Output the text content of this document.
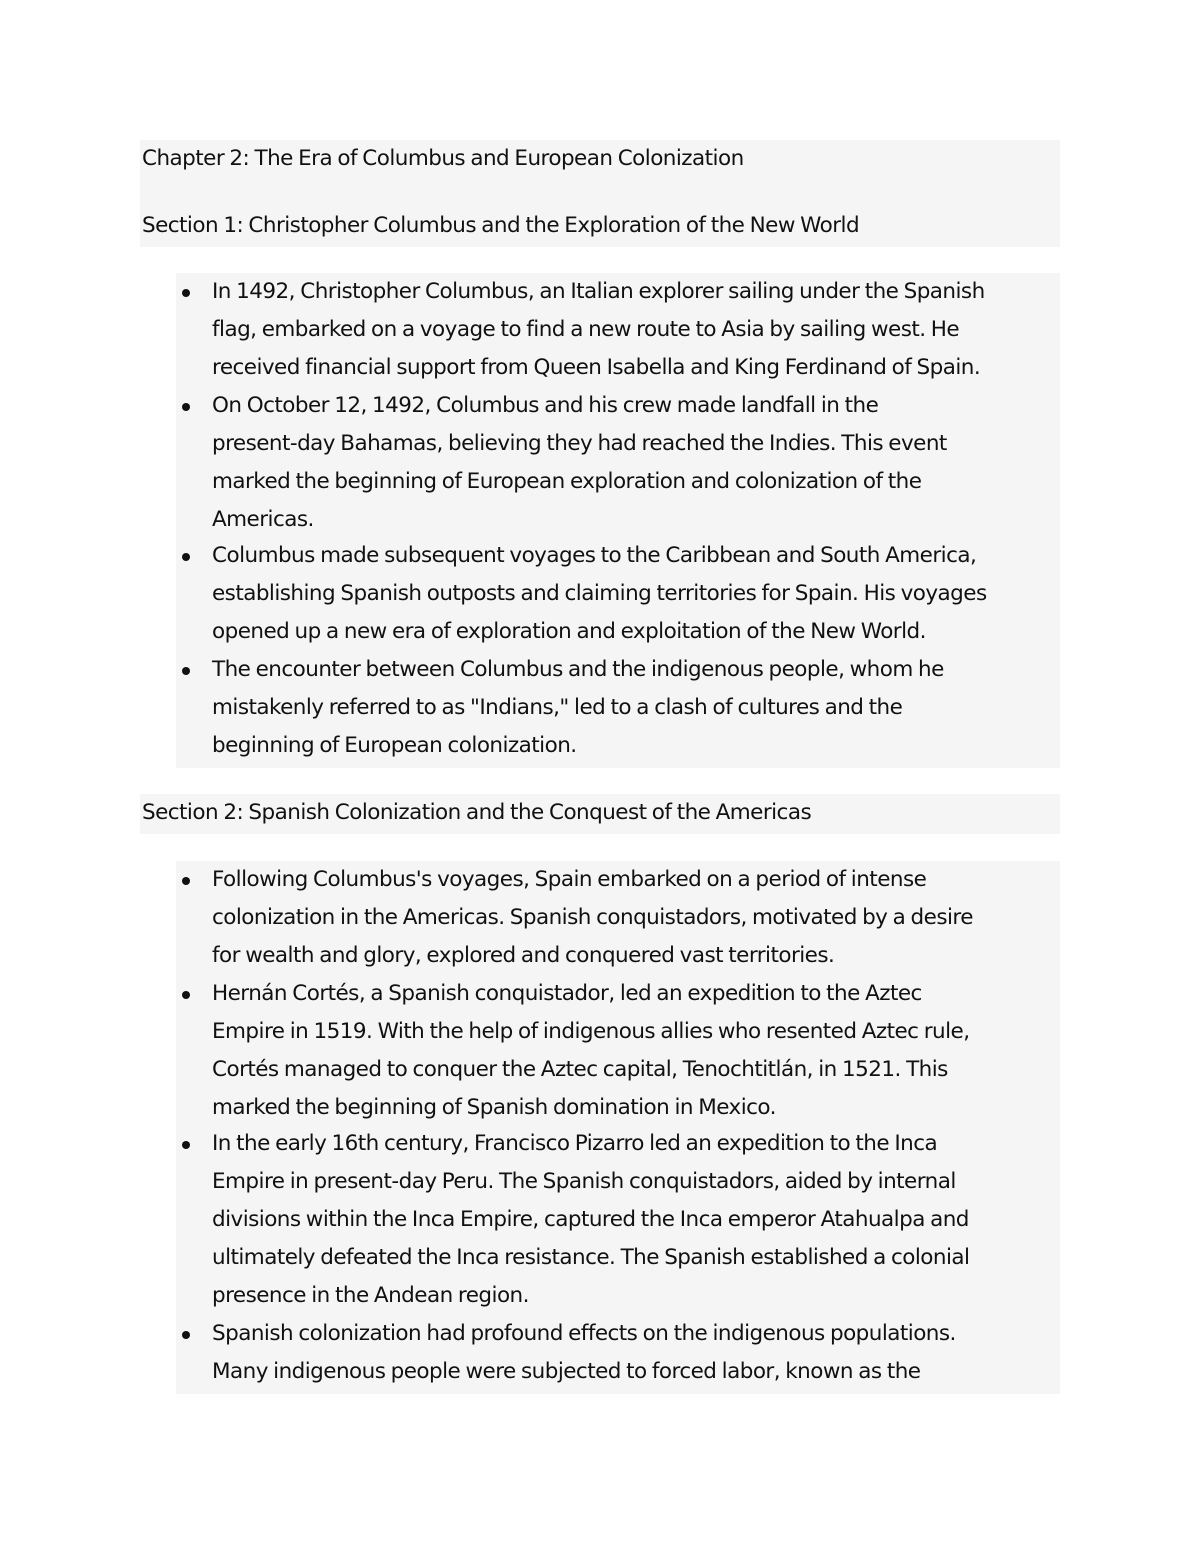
Chapter 2: The Era of Columbus and European Colonization
Section 1: Christopher Columbus and the Exploration of the New World
In 1492, Christopher Columbus, an Italian explorer sailing under the Spanish
flag, embarked on a voyage to find a new route to Asia by sailing west. He
received financial support from Queen Isabella and King Ferdinand of Spain.
On October 12, 1492, Columbus and his crew made landfall in the
present-day Bahamas, believing they had reached the Indies. This event
marked the beginning of European exploration and colonization of the
Americas.
Columbus made subsequent voyages to the Caribbean and South America,
establishing Spanish outposts and claiming territories for Spain. His voyages
opened up a new era of exploration and exploitation of the New World.
The encounter between Columbus and the indigenous people, whom he
mistakenly referred to as "Indians," led to a clash of cultures and the
beginning of European colonization.
Section 2: Spanish Colonization and the Conquest of the Americas
Following Columbus's voyages, Spain embarked on a period of intense
colonization in the Americas. Spanish conquistadors, motivated by a desire
for wealth and glory, explored and conquered vast territories.
Hernán Cortés, a Spanish conquistador, led an expedition to the Aztec
Empire in 1519. With the help of indigenous allies who resented Aztec rule,
Cortés managed to conquer the Aztec capital, Tenochtitlán, in 1521. This
marked the beginning of Spanish domination in Mexico.
In the early 16th century, Francisco Pizarro led an expedition to the Inca
Empire in present-day Peru. The Spanish conquistadors, aided by internal
divisions within the Inca Empire, captured the Inca emperor Atahualpa and
ultimately defeated the Inca resistance. The Spanish established a colonial
presence in the Andean region.
Spanish colonization had profound effects on the indigenous populations.
Many indigenous people were subjected to forced labor, known as the
